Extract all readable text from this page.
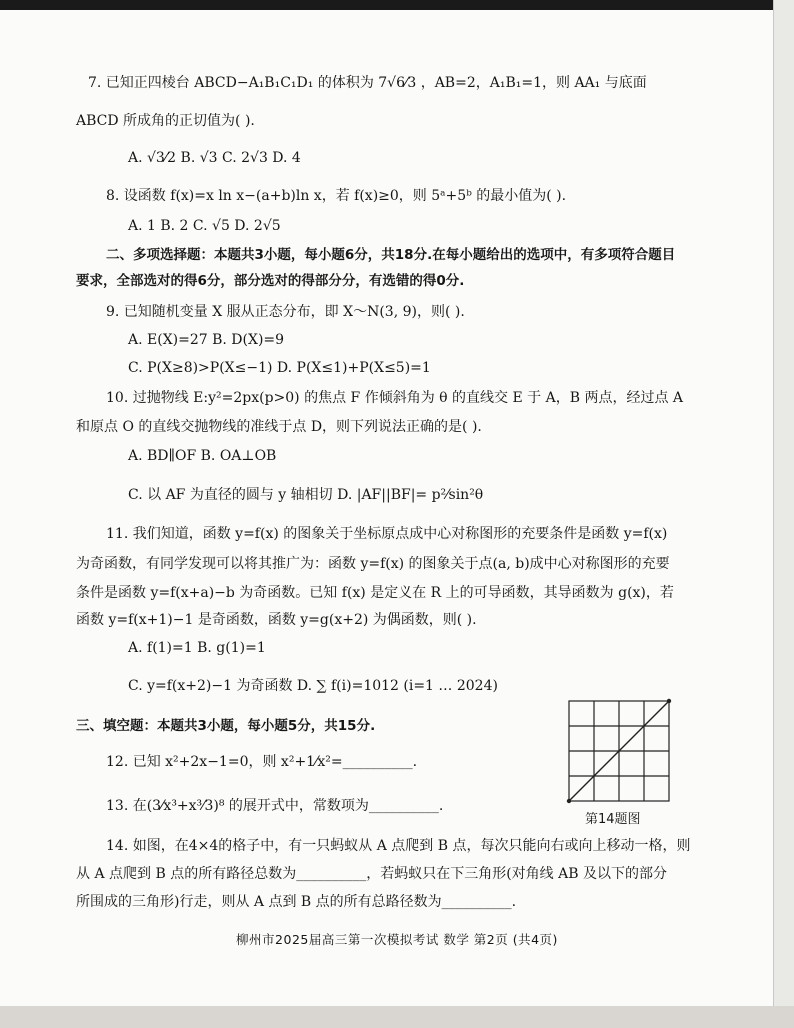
7. 已知正四棱台 ABCD−A₁B₁C₁D₁ 的体积为 7√6⁄3 ，AB=2，A₁B₁=1，则 AA₁ 与底面
ABCD 所成角的正切值为( ).
A. √3⁄2 B. √3 C. 2√3 D. 4
8. 设函数 f(x)=x ln x−(a+b)ln x，若 f(x)≥0，则 5ᵃ+5ᵇ 的最小值为( ).
A. 1 B. 2 C. √5 D. 2√5
二、多项选择题：本题共3小题，每小题6分，共18分.在每小题给出的选项中，有多项符合题目
要求，全部选对的得6分，部分选对的得部分分，有选错的得0分.
9. 已知随机变量 X 服从正态分布，即 X～N(3, 9)，则( ).
A. E(X)=27 B. D(X)=9
C. P(X≥8)>P(X≤−1) D. P(X≤1)+P(X≤5)=1
10. 过抛物线 E:y²=2px(p>0) 的焦点 F 作倾斜角为 θ 的直线交 E 于 A，B 两点，经过点 A
和原点 O 的直线交抛物线的准线于点 D，则下列说法正确的是( ).
A. BD∥OF B. OA⊥OB
C. 以 AF 为直径的圆与 y 轴相切 D. |AF||BF|= p²⁄sin²θ
11. 我们知道，函数 y=f(x) 的图象关于坐标原点成中心对称图形的充要条件是函数 y=f(x)
为奇函数，有同学发现可以将其推广为：函数 y=f(x) 的图象关于点(a, b)成中心对称图形的充要
条件是函数 y=f(x+a)−b 为奇函数。已知 f(x) 是定义在 R 上的可导函数，其导函数为 g(x)，若
函数 y=f(x+1)−1 是奇函数，函数 y=g(x+2) 为偶函数，则( ).
A. f(1)=1 B. g(1)=1
C. y=f(x+2)−1 为奇函数 D. ∑ f(i)=1012 (i=1 … 2024)
三、填空题：本题共3小题，每小题5分，共15分.
12. 已知 x²+2x−1=0，则 x²+1⁄x²=__________.
13. 在(3⁄x³+x³⁄3)⁸ 的展开式中，常数项为__________.
第14题图
14. 如图，在4×4的格子中，有一只蚂蚁从 A 点爬到 B 点，每次只能向右或向上移动一格，则
从 A 点爬到 B 点的所有路径总数为__________，若蚂蚁只在下三角形(对角线 AB 及以下的部分
所围成的三角形)行走，则从 A 点到 B 点的所有总路径数为__________.
柳州市2025届高三第一次模拟考试 数学 第2页 (共4页)
